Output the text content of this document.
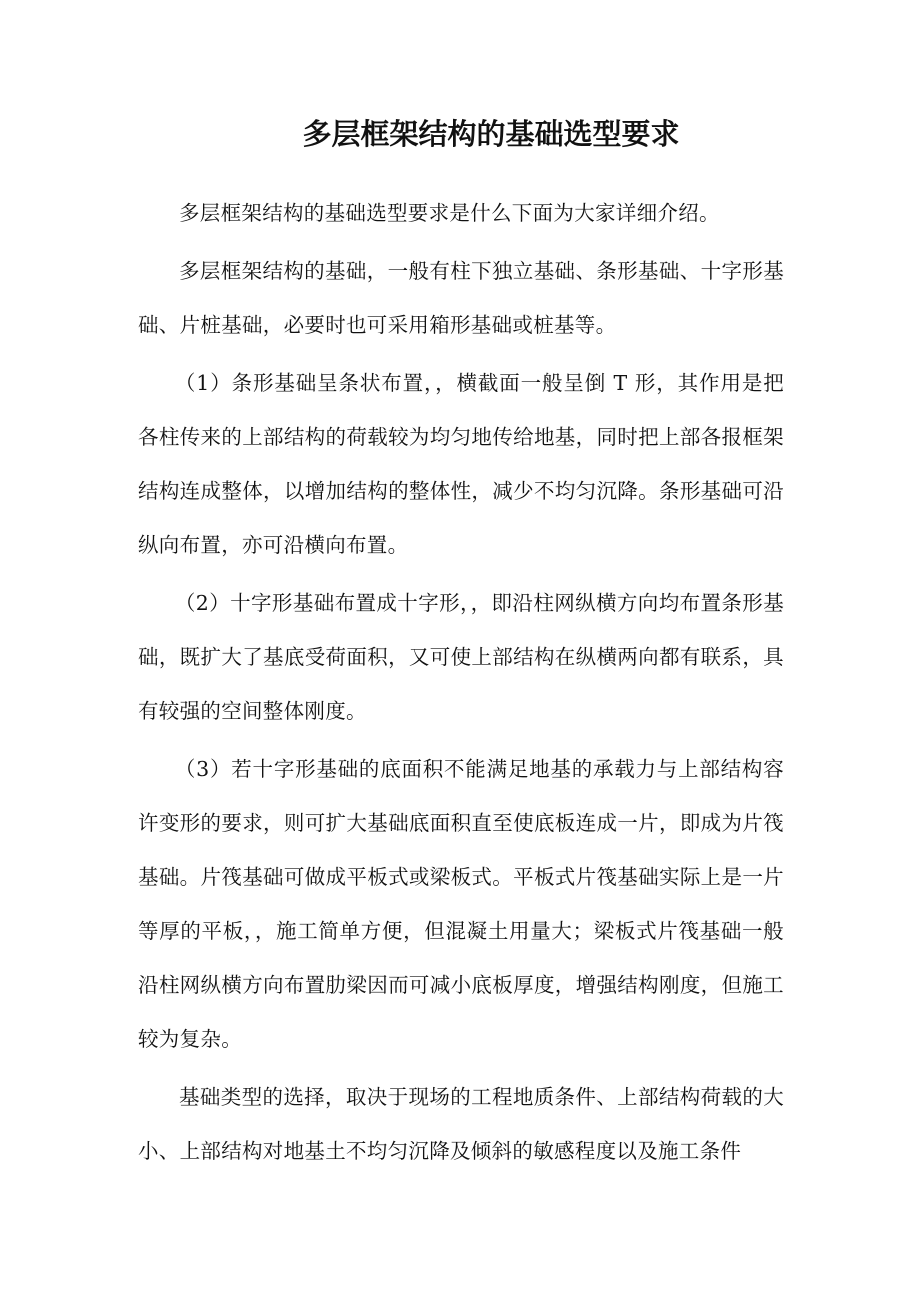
多层框架结构的基础选型要求

多层框架结构的基础选型要求是什么下面为大家详细介绍。

多层框架结构的基础，一般有柱下独立基础、条形基础、十字形基础、片桩基础，必要时也可采用箱形基础或桩基等。

（1）条形基础呈条状布置，，横截面一般呈倒 T 形，其作用是把各柱传来的上部结构的荷载较为均匀地传给地基，同时把上部各报框架结构连成整体，以增加结构的整体性，减少不均匀沉降。条形基础可沿纵向布置，亦可沿横向布置。

（2）十字形基础布置成十字形，，即沿柱网纵横方向均布置条形基础，既扩大了基底受荷面积，又可使上部结构在纵横两向都有联系，具有较强的空间整体刚度。

（3）若十字形基础的底面积不能满足地基的承载力与上部结构容许变形的要求，则可扩大基础底面积直至使底板连成一片，即成为片筏基础。片筏基础可做成平板式或梁板式。平板式片筏基础实际上是一片等厚的平板，，施工简单方便，但混凝土用量大；梁板式片筏基础一般沿柱网纵横方向布置肋梁因而可减小底板厚度，增强结构刚度，但施工较为复杂。

基础类型的选择，取决于现场的工程地质条件、上部结构荷载的大小、上部结构对地基土不均匀沉降及倾斜的敏感程度以及施工条件
